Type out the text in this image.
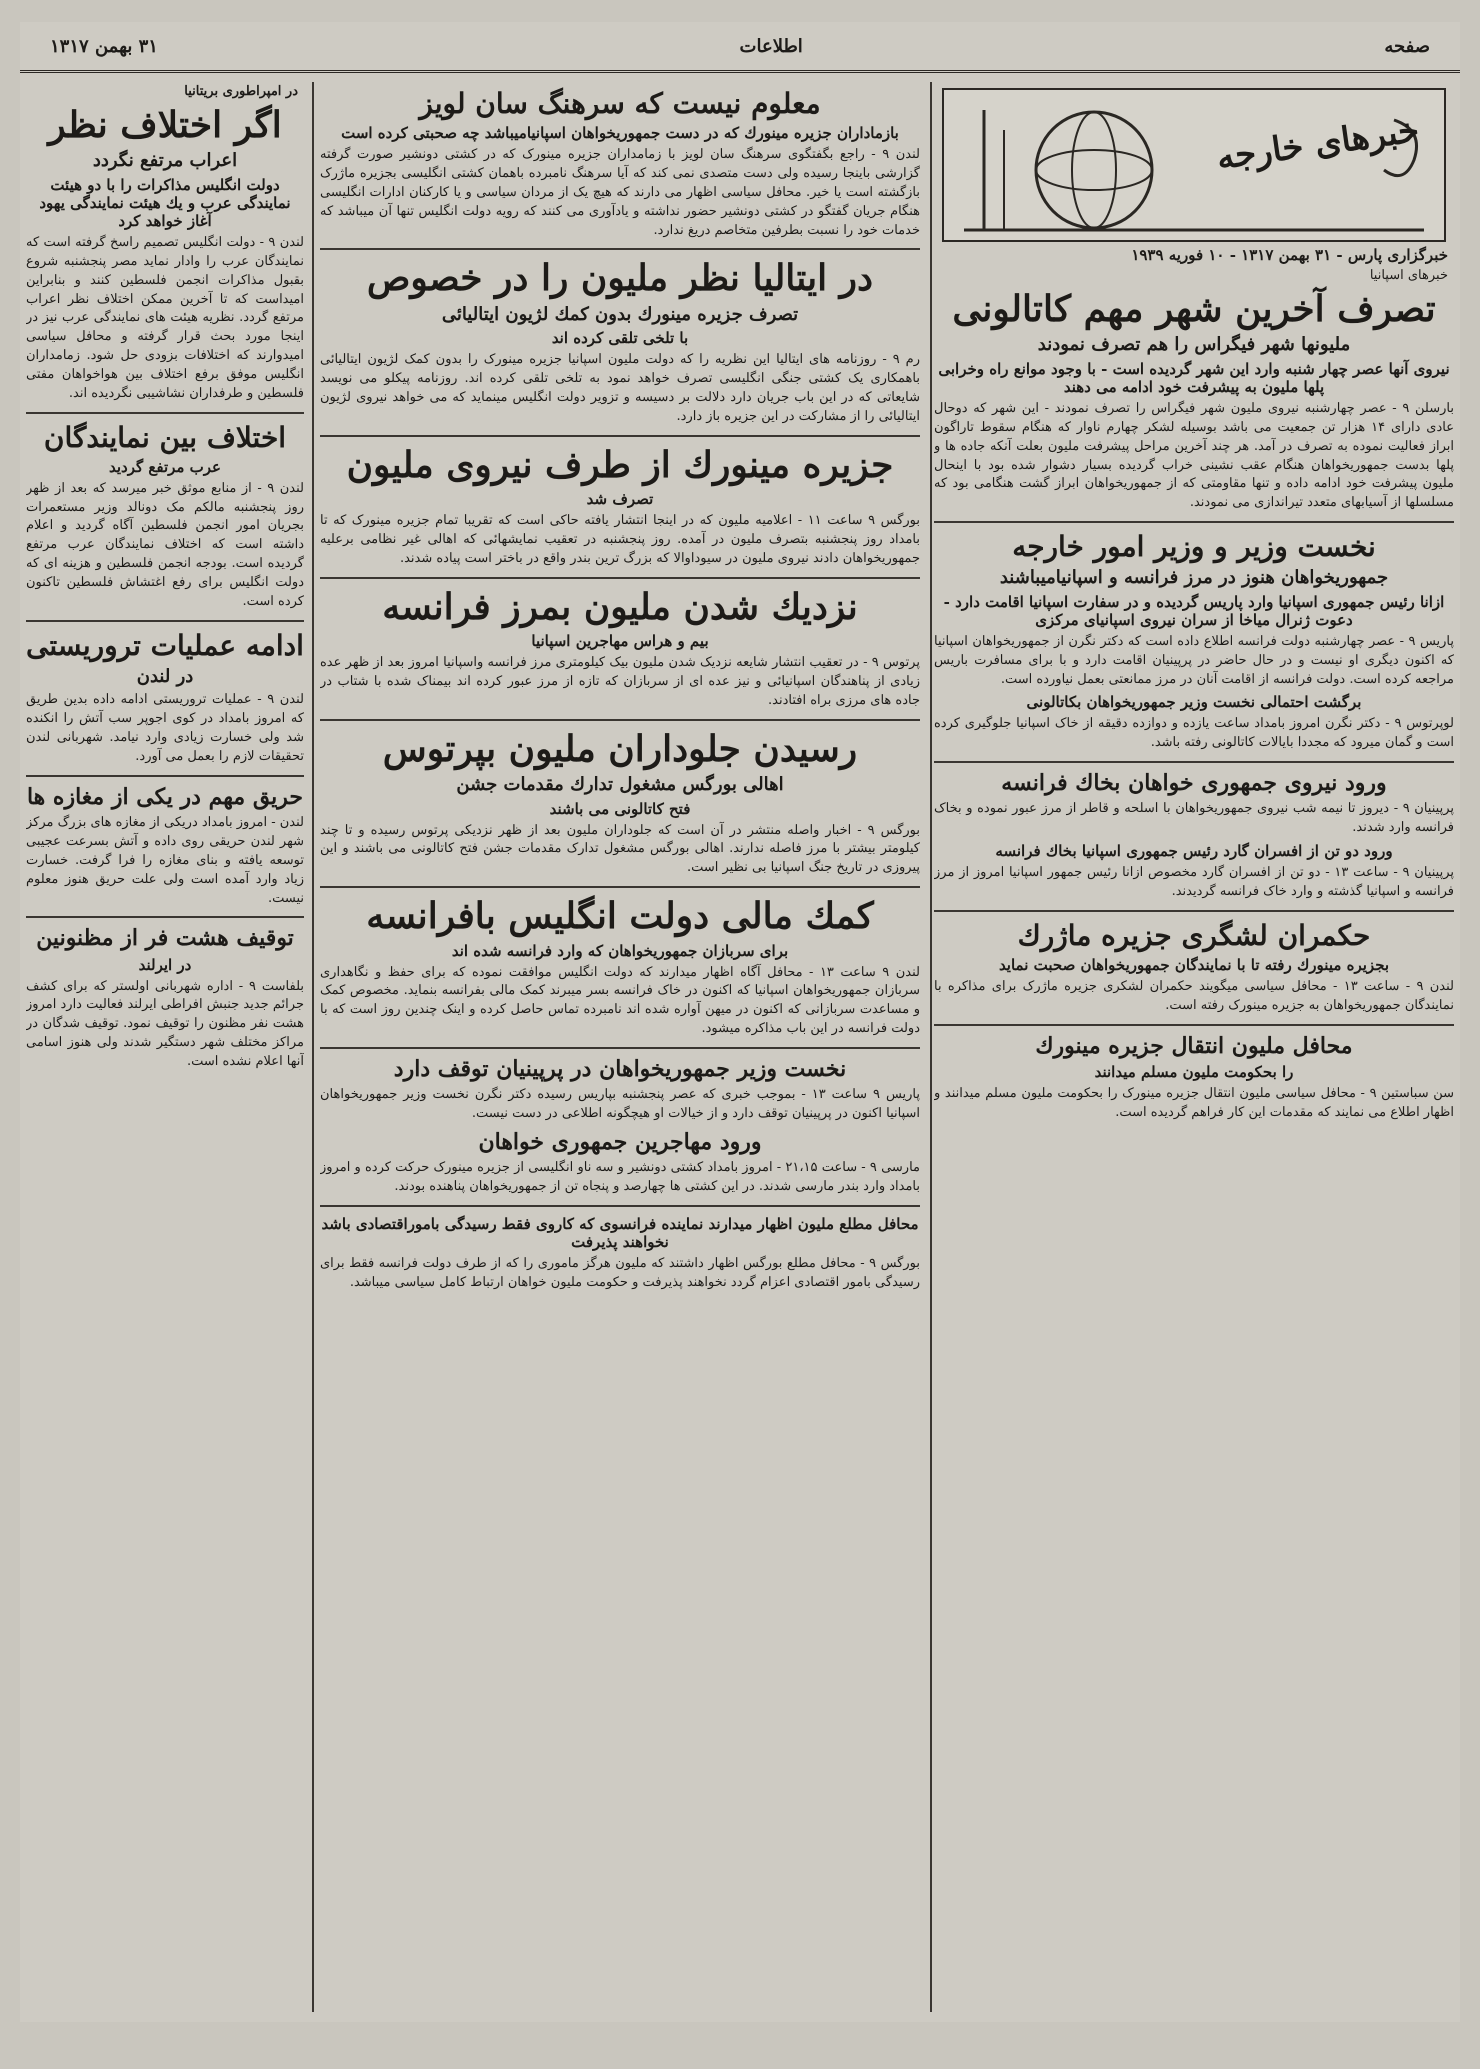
صفحه
اطلاعات
۳۱ بهمن ۱۳۱۷
خبرهای خارجه
خبرگزاری پارس - ۳۱ بهمن ۱۳۱۷ - ۱۰ فوریه ۱۹۳۹
خبرهای اسپانیا
تصرف آخرین شهر مهم کاتالونی
ملیونها شهر فیگراس را هم تصرف نمودند
نیروی آنها عصر چهار شنبه وارد این شهر گردیده است - با وجود موانع راه وخرابی پلها ملیون به پیشرفت خود ادامه می دهند

بارسلن ۹ - عصر چهارشنبه نیروی ملیون شهر فیگراس را تصرف نمودند - این شهر که دوحال عادی دارای ۱۴ هزار تن جمعیت می باشد بوسیله لشکر چهارم ناوار که هنگام سقوط تاراگون ابراز فعالیت نموده به تصرف در آمد. هر چند آخرین مراحل پیشرفت ملیون بعلت آنکه جاده ها و پلها بدست جمهوریخواهان هنگام عقب نشینی خراب گردیده بسیار دشوار شده بود با اینحال ملیون پیشرفت خود ادامه داده و تنها مقاومتی که از جمهوریخواهان ابراز گشت هنگامی بود که مسلسلها از آسیابهای متعدد تیراندازی می نمودند.

نخست وزیر و وزیر امور خارجه
جمهوریخواهان هنوز در مرز فرانسه و اسپانیامیباشند
ازانا رئیس جمهوری اسپانیا وارد پاریس گردیده و در سفارت اسپانیا اقامت دارد - دعوت ژنرال میاخا از سران نیروی اسپانیای مرکزی

پاریس ۹ - عصر چهارشنبه دولت فرانسه اطلاع داده است که دکتر نگرن از جمهوریخواهان اسپانیا که اکنون دیگری او نیست و در حال حاضر در پرپینیان اقامت دارد و با برای مسافرت باریس مراجعه کرده است. دولت فرانسه از اقامت آنان در مرز ممانعتی بعمل نیاورده است.

برگشت احتمالی نخست وزیر جمهوریخواهان بکاتالونی

لوپرتوس ۹ - دکتر نگرن امروز بامداد ساعت یازده و دوازده دقیقه از خاک اسپانیا جلوگیری کرده است و گمان میرود که مجددا بایالات کاتالونی رفته باشد.

ورود نیروی جمهوری خواهان بخاك فرانسه

پرپینیان ۹ - دیروز تا نیمه شب نیروی جمهوریخواهان با اسلحه و قاطر از مرز عبور نموده و بخاک فرانسه وارد شدند.

ورود دو تن از افسران گارد رئیس جمهوری اسپانیا بخاك فرانسه

پرپینیان ۹ - ساعت ۱۳ - دو تن از افسران گارد مخصوص ازانا رئیس جمهور اسپانیا امروز از مرز فرانسه و اسپانیا گذشته و وارد خاک فرانسه گردیدند.

حکمران لشگری جزیره ماژرك
بجزیره مینورك رفته تا با نمایندگان جمهوریخواهان صحبت نماید

لندن ۹ - ساعت ۱۳ - محافل سیاسی میگویند حکمران لشکری جزیره ماژرک برای مذاکره با نمایندگان جمهوریخواهان به جزیره مینورک رفته است.

محافل ملیون انتقال جزیره مینورك
را بحکومت ملیون مسلم میدانند

سن سباستین ۹ - محافل سیاسی ملیون انتقال جزیره مینورک را بحکومت ملیون مسلم میدانند و اظهار اطلاع می نمایند که مقدمات این کار فراهم گردیده است.

معلوم نیست که سرهنگ سان لویز
بازماداران جزیره مینورك که در دست جمهوریخواهان اسپانیامیباشد چه صحبتی کرده است

لندن ۹ - راجع بگفتگوی سرهنگ سان لویز با زمامداران جزیره مینورک که در کشتی دونشیر صورت گرفته گزارشی باینجا رسیده ولی دست متصدی نمی کند که آیا سرهنگ نامبرده باهمان کشتی انگلیسی بجزیره ماژرک بازگشته است یا خیر. محافل سیاسی اظهار می دارند که هیچ یک از مردان سیاسی و یا کارکنان ادارات انگلیسی هنگام جریان گفتگو در کشتی دونشیر حضور نداشته و یادآوری می کنند که رویه دولت انگلیس تنها آن میباشد که خدمات خود را نسبت بطرفین متخاصم دریغ ندارد.

در ایتالیا نظر ملیون را در خصوص
تصرف جزیره مینورك بدون کمك لژیون ایتالیائی
با تلخی تلقی کرده اند

رم ۹ - روزنامه های ایتالیا این نظریه را که دولت ملیون اسپانیا جزیره مینورک را بدون کمک لژیون ایتالیائی باهمکاری یک کشتی جنگی انگلیسی تصرف خواهد نمود به تلخی تلقی کرده اند. روزنامه پیکلو می نویسد شایعاتی که در این باب جریان دارد دلالت بر دسیسه و تزویر دولت انگلیس مینماید که می خواهد نیروی لژیون ایتالیائی را از مشارکت در این جزیره باز دارد.

جزیره مینورك از طرف نیروی ملیون
تصرف شد

بورگس ۹ ساعت ۱۱ - اعلامیه ملیون که در اینجا انتشار یافته حاکی است که تقریبا تمام جزیره مینورک که تا بامداد روز پنجشنبه بتصرف ملیون در آمده. روز پنجشنبه در تعقیب نمایشهائی که اهالی غیر نظامی برعلیه جمهوریخواهان دادند نیروی ملیون در سیوداوالا که بزرگ ترین بندر واقع در باختر است پیاده شدند.

نزدیك شدن ملیون بمرز فرانسه
بیم و هراس مهاجرین اسپانیا

پرتوس ۹ - در تعقیب انتشار شایعه نزدیک شدن ملیون بیک کیلومتری مرز فرانسه واسپانیا امروز بعد از ظهر عده زیادی از پناهندگان اسپانیائی و نیز عده ای از سربازان که تازه از مرز عبور کرده اند بیمناک شده با شتاب در جاده های مرزی براه افتادند.

رسیدن جلوداران ملیون بپرتوس
اهالی بورگس مشغول تدارك مقدمات جشن
فتح کاتالونی می باشند

بورگس ۹ - اخبار واصله منتشر در آن است که جلوداران ملیون بعد از ظهر نزدیکی پرتوس رسیده و تا چند کیلومتر بیشتر با مرز فاصله ندارند. اهالی بورگس مشغول تدارک مقدمات جشن فتح کاتالونی می باشند و این پیروزی در تاریخ جنگ اسپانیا بی نظیر است.

کمك مالی دولت انگلیس بافرانسه
برای سربازان جمهوریخواهان که وارد فرانسه شده اند

لندن ۹ ساعت ۱۳ - محافل آگاه اظهار میدارند که دولت انگلیس موافقت نموده که برای حفظ و نگاهداری سربازان جمهوریخواهان اسپانیا که اکنون در خاک فرانسه بسر میبرند کمک مالی بفرانسه بنماید. مخصوص کمک و مساعدت سربازانی که اکنون در میهن آواره شده اند نامبرده تماس حاصل کرده و اینک چندین روز است که با دولت فرانسه در این باب مذاکره میشود.

نخست وزیر جمهوریخواهان در پرپینیان توقف دارد

پاریس ۹ ساعت ۱۳ - بموجب خبری که عصر پنجشنبه بپاریس رسیده دکتر نگرن نخست وزیر جمهوریخواهان اسپانیا اکنون در پرپینیان توقف دارد و از خیالات او هیچگونه اطلاعی در دست نیست.

ورود مهاجرین جمهوری خواهان

مارسی ۹ - ساعت ۲۱،۱۵ - امروز بامداد کشتی دونشیر و سه ناو انگلیسی از جزیره مینورک حرکت کرده و امروز بامداد وارد بندر مارسی شدند. در این کشتی ها چهارصد و پنجاه تن از جمهوریخواهان پناهنده بودند.

محافل مطلع ملیون اظهار میدارند نماینده فرانسوی که کاروی فقط رسیدگی باموراقتصادی باشد نخواهند پذیرفت

بورگس ۹ - محافل مطلع بورگس اظهار داشتند که ملیون هرگز ماموری را که از طرف دولت فرانسه فقط برای رسیدگی بامور اقتصادی اعزام گردد نخواهند پذیرفت و حکومت ملیون خواهان ارتباط کامل سیاسی میباشد.

در امپراطوری بریتانیا
اگر اختلاف نظر
اعراب مرتفع نگردد
دولت انگلیس مذاکرات را با دو هیئت نمایندگی عرب و یك هیئت نمایندگی یهود آغاز خواهد کرد

لندن ۹ - دولت انگلیس تصمیم راسخ گرفته است که نمایندگان عرب را وادار نماید مصر پنجشنبه شروع بقبول مذاکرات انجمن فلسطین کنند و بنابراین امیداست که تا آخرین ممکن اختلاف نظر اعراب مرتفع گردد. نظریه هیئت های نمایندگی عرب نیز در اینجا مورد بحث قرار گرفته و محافل سیاسی امیدوارند که اختلافات بزودی حل شود. زمامداران انگلیس موفق برفع اختلاف بین هواخواهان مفتی فلسطین و طرفداران نشاشیبی نگردیده اند.

اختلاف بین نمایندگان
عرب مرتفع گردید

لندن ۹ - از منابع موثق خبر میرسد که بعد از ظهر روز پنجشنبه مالکم مک دونالد وزیر مستعمرات بجریان امور انجمن فلسطین آگاه گردید و اعلام داشته است که اختلاف نمایندگان عرب مرتفع گردیده است. بودجه انجمن فلسطین و هزینه ای که دولت انگلیس برای رفع اغتشاش فلسطین تاکنون کرده است.

ادامه عملیات تروریستی
در لندن

لندن ۹ - عملیات تروریستی ادامه داده بدین طریق که امروز بامداد در کوی اجوپر سب آتش را انکنده شد ولی خسارت زیادی وارد نیامد. شهربانی لندن تحقیقات لازم را بعمل می آورد.

حریق مهم در یکی از مغازه ها

لندن - امروز بامداد دریکی از مغازه های بزرگ مرکز شهر لندن حریقی روی داده و آتش بسرعت عجیبی توسعه یافته و بنای مغازه را فرا گرفت. خسارت زیاد وارد آمده است ولی علت حریق هنوز معلوم نیست.

توقیف هشت فر از مظنونین
در ایرلند

بلفاست ۹ - اداره شهربانی اولستر که برای کشف جرائم جدید جنبش افراطی ایرلند فعالیت دارد امروز هشت نفر مظنون را توقیف نمود. توقیف شدگان در مراکز مختلف شهر دستگیر شدند ولی هنوز اسامی آنها اعلام نشده است.
